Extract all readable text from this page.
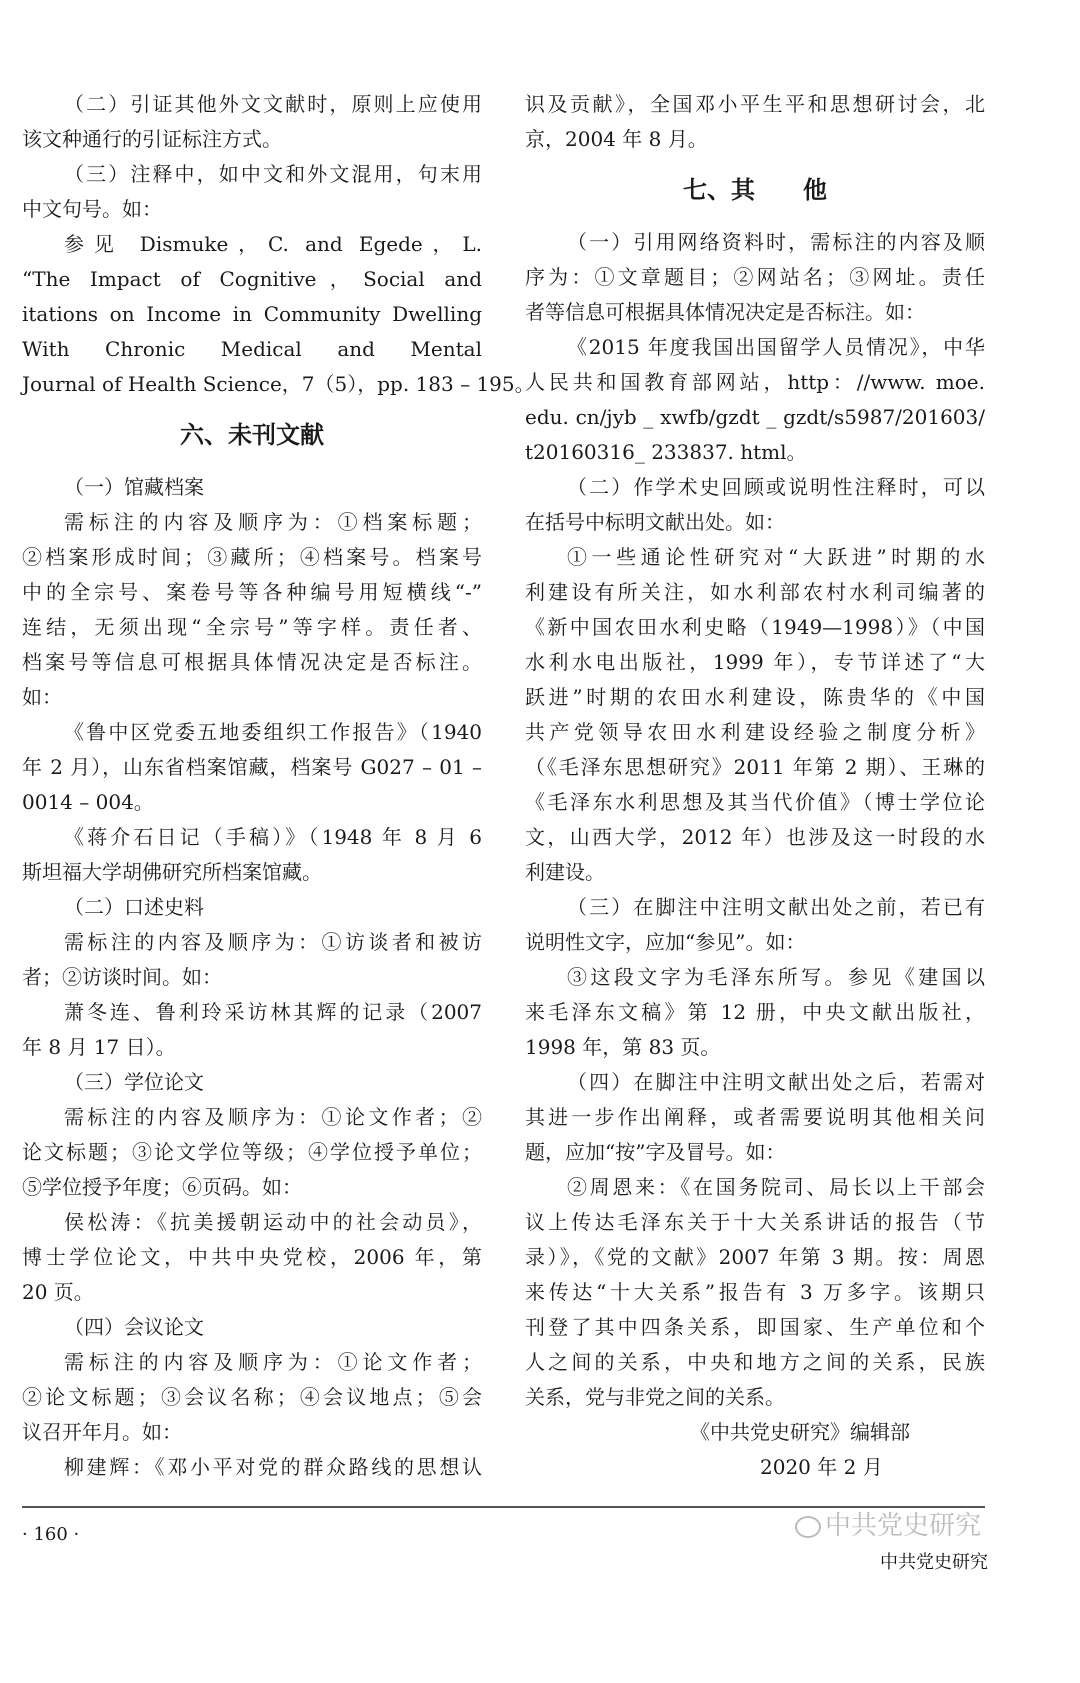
（二）引证其他外文文献时，原则上应使用
该文种通行的引证标注方式。
（三）注释中，如中文和外文混用，句末用
中文句号。如：
参见 Dismuke，C. and Egede，L.
“The Impact of Cognitive，Social and
itations on Income in Community Dwelling
With Chronic Medical and Mental
Journal of Health Science，7（5），pp. 183 – 195。
六、未刊文献
（一）馆藏档案
需标注的内容及顺序为：①档案标题；
②档案形成时间；③藏所；④档案号。档案号
中的全宗号、案卷号等各种编号用短横线“-”
连结，无须出现“全宗号”等字样。责任者、
档案号等信息可根据具体情况决定是否标注。
如：
《鲁中区党委五地委组织工作报告》（1940
年 2 月），山东省档案馆藏，档案号 G027 – 01 –
0014 – 004。
《蒋介石日记（手稿）》（1948 年 8 月 6
斯坦福大学胡佛研究所档案馆藏。
（二）口述史料
需标注的内容及顺序为：①访谈者和被访
者；②访谈时间。如：
萧冬连、鲁利玲采访林其辉的记录（2007
年 8 月 17 日）。
（三）学位论文
需标注的内容及顺序为：①论文作者；②
论文标题；③论文学位等级；④学位授予单位；
⑤学位授予年度；⑥页码。如：
侯松涛：《抗美援朝运动中的社会动员》，
博士学位论文，中共中央党校，2006 年，第
20 页。
（四）会议论文
需标注的内容及顺序为：①论文作者；
②论文标题；③会议名称；④会议地点；⑤会
议召开年月。如：
柳建辉：《邓小平对党的群众路线的思想认
识及贡献》，全国邓小平生平和思想研讨会，北
京，2004 年 8 月。
七、其　　他
（一）引用网络资料时，需标注的内容及顺
序为：①文章题目；②网站名；③网址。责任
者等信息可根据具体情况决定是否标注。如：
《2015 年度我国出国留学人员情况》，中华
人民共和国教育部网站，http：//www. moe.
edu. cn/jyb _ xwfb/gzdt _ gzdt/s5987/201603/
t20160316_ 233837. html。
（二）作学术史回顾或说明性注释时，可以
在括号中标明文献出处。如：
①一些通论性研究对“大跃进”时期的水
利建设有所关注，如水利部农村水利司编著的
《新中国农田水利史略（1949—1998）》（中国
水利水电出版社，1999 年），专节详述了“大
跃进”时期的农田水利建设，陈贵华的《中国
共产党领导农田水利建设经验之制度分析》
（《毛泽东思想研究》2011 年第 2 期）、王琳的
《毛泽东水利思想及其当代价值》（博士学位论
文，山西大学，2012 年）也涉及这一时段的水
利建设。
（三）在脚注中注明文献出处之前，若已有
说明性文字，应加“参见”。如：
③这段文字为毛泽东所写。参见《建国以
来毛泽东文稿》第 12 册，中央文献出版社，
1998 年，第 83 页。
（四）在脚注中注明文献出处之后，若需对
其进一步作出阐释，或者需要说明其他相关问
题，应加“按”字及冒号。如：
②周恩来：《在国务院司、局长以上干部会
议上传达毛泽东关于十大关系讲话的报告（节
录）》，《党的文献》2007 年第 3 期。按：周恩
来传达“十大关系”报告有 3 万多字。该期只
刊登了其中四条关系，即国家、生产单位和个
人之间的关系，中央和地方之间的关系，民族
关系，党与非党之间的关系。
《中共党史研究》编辑部
2020 年 2 月
· 160 ·	中共党史研究
中共党史研究
